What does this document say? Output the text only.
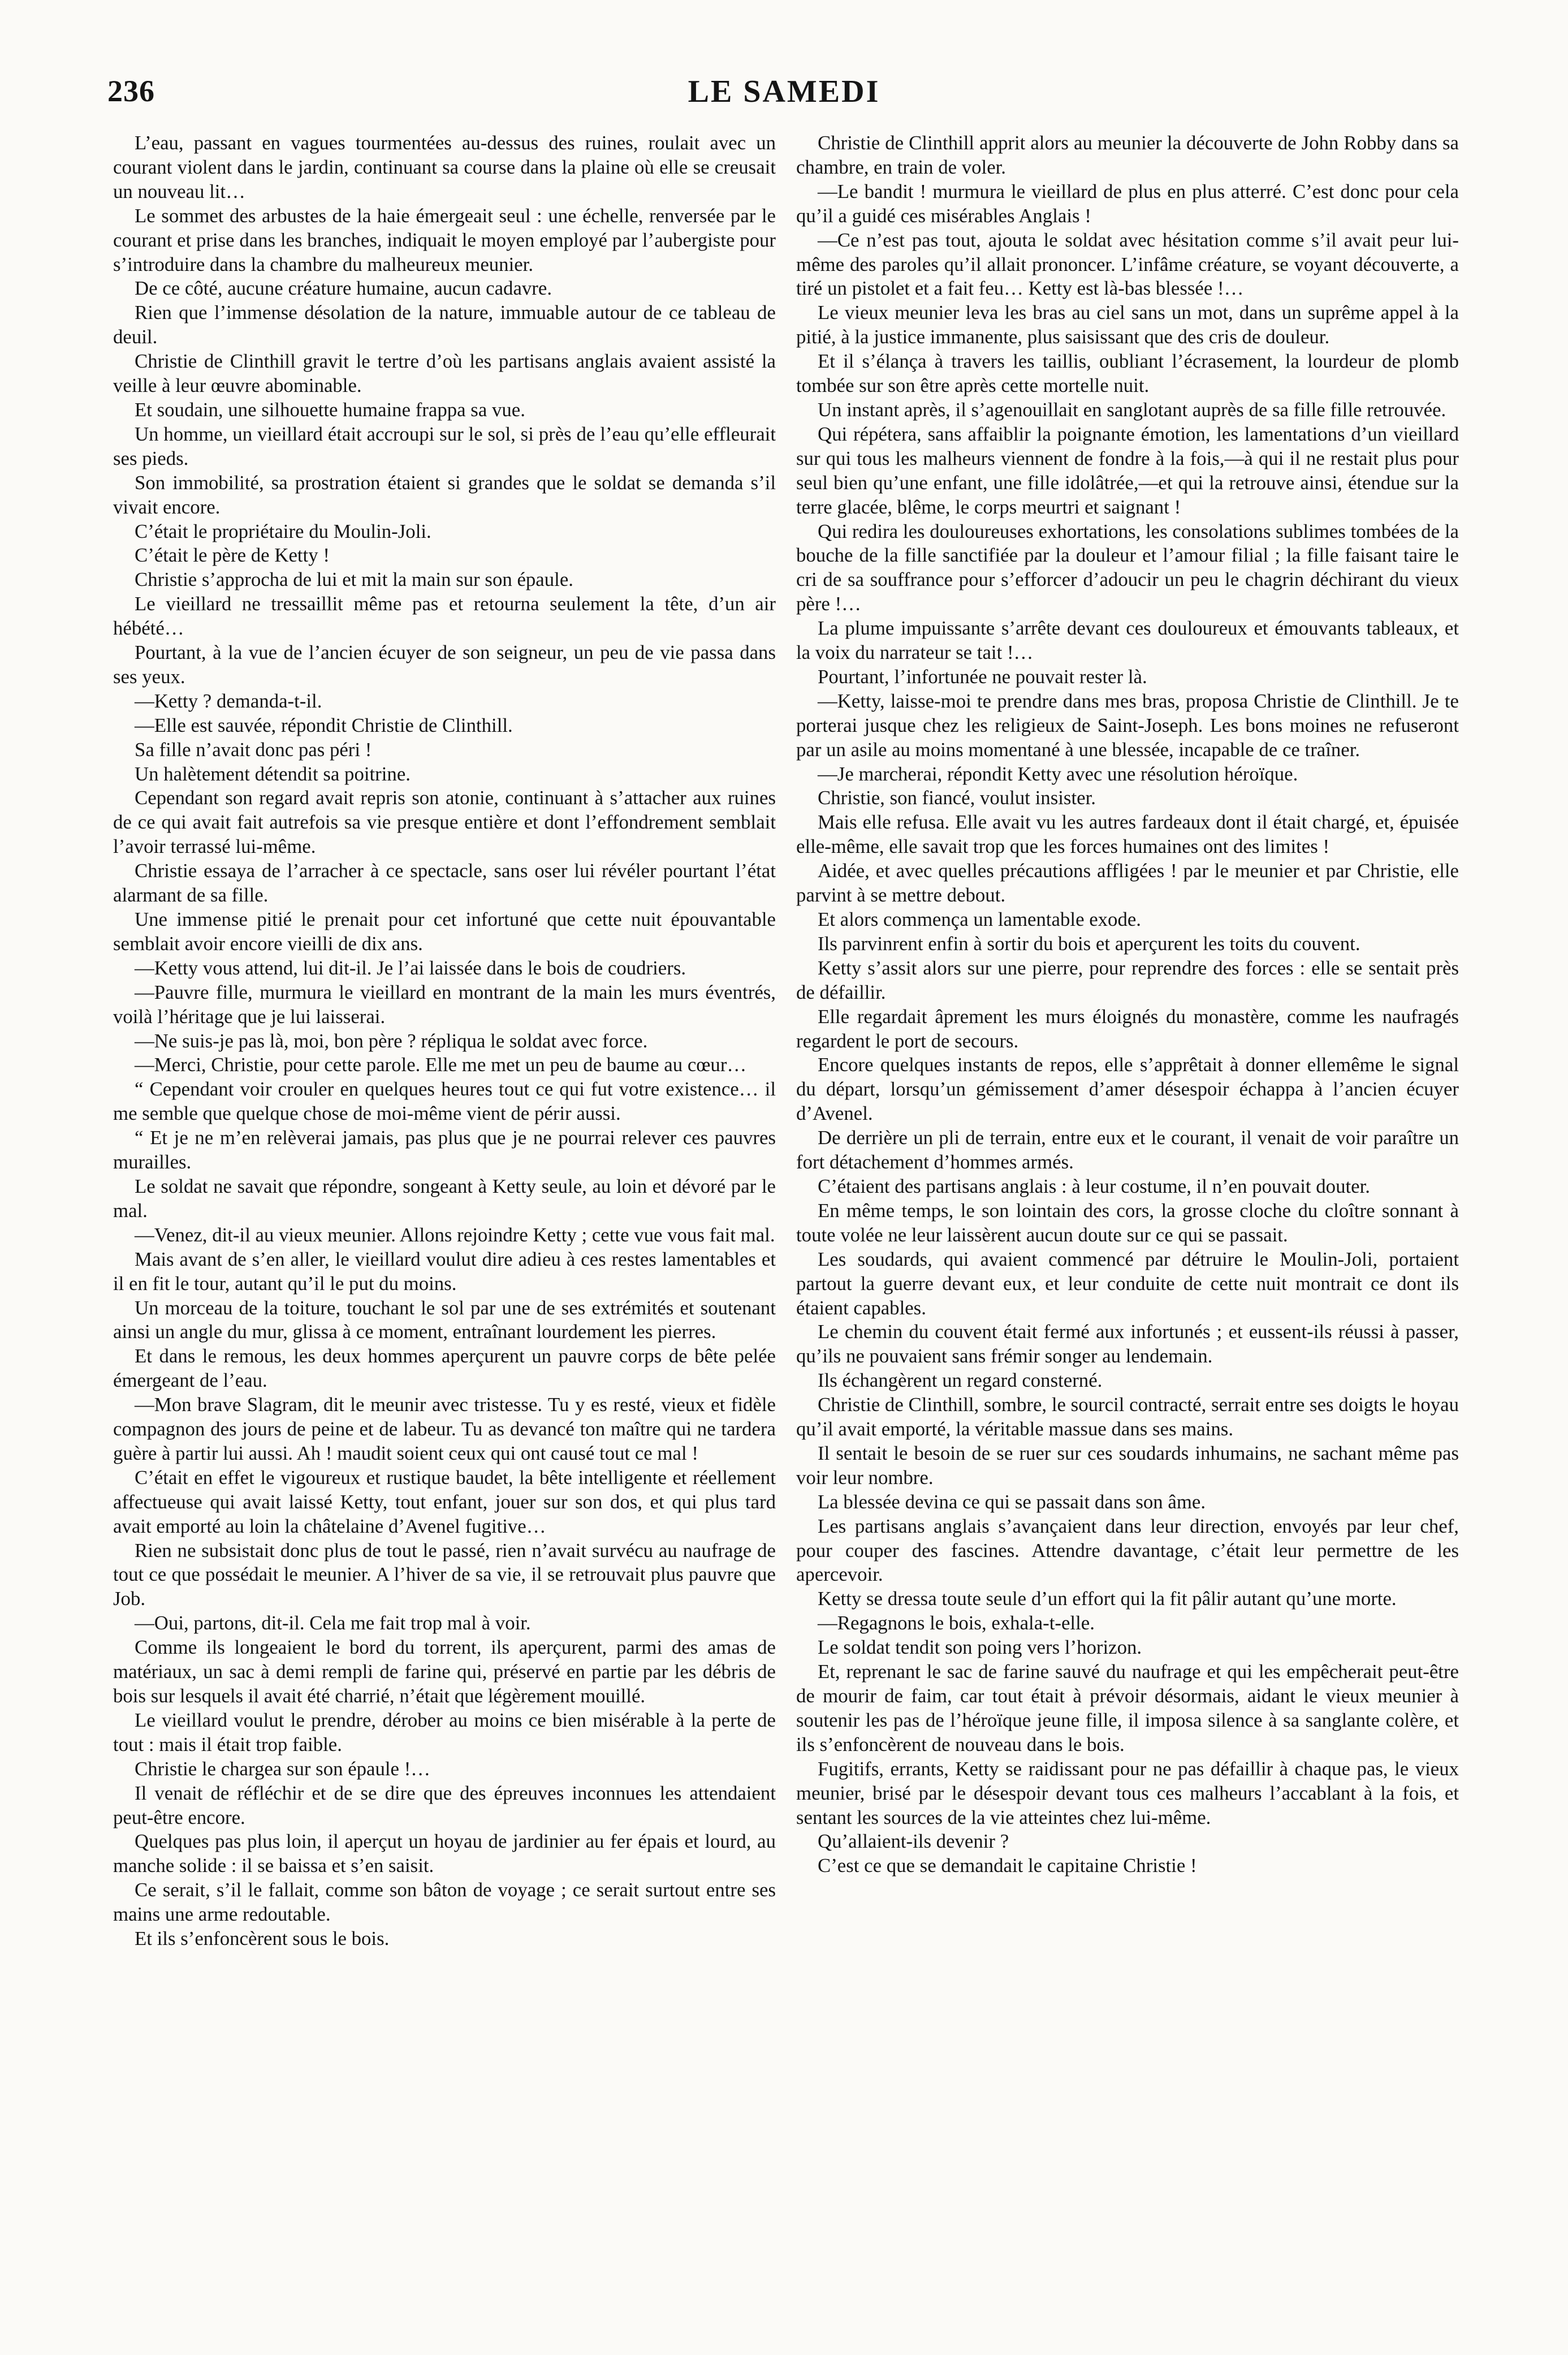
236	LE SAMEDI

L’eau, passant en vagues tourmentées au-dessus des ruines, roulait avec un courant violent dans le jardin, continuant sa course dans la plaine où elle se creusait un nouveau lit…

Le sommet des arbustes de la haie émergeait seul : une échelle, renversée par le courant et prise dans les branches, indiquait le moyen employé par l’aubergiste pour s’introduire dans la chambre du malheureux meunier.

De ce côté, aucune créature humaine, aucun cadavre.

Rien que l’immense désolation de la nature, immuable autour de ce tableau de deuil.

Christie de Clinthill gravit le tertre d’où les partisans anglais avaient assisté la veille à leur œuvre abominable.

Et soudain, une silhouette humaine frappa sa vue.

Un homme, un vieillard était accroupi sur le sol, si près de l’eau qu’elle effleurait ses pieds.

Son immobilité, sa prostration étaient si grandes que le soldat se demanda s’il vivait encore.

C’était le propriétaire du Moulin-Joli.

C’était le père de Ketty !

Christie s’approcha de lui et mit la main sur son épaule.

Le vieillard ne tressaillit même pas et retourna seulement la tête, d’un air hébété…

Pourtant, à la vue de l’ancien écuyer de son seigneur, un peu de vie passa dans ses yeux.

—Ketty ? demanda-t-il.

—Elle est sauvée, répondit Christie de Clinthill.

Sa fille n’avait donc pas péri !

Un halètement détendit sa poitrine.

Cependant son regard avait repris son atonie, continuant à s’attacher aux ruines de ce qui avait fait autrefois sa vie presque entière et dont l’effondrement semblait l’avoir terrassé lui-même.

Christie essaya de l’arracher à ce spectacle, sans oser lui révéler pourtant l’état alarmant de sa fille.

Une immense pitié le prenait pour cet infortuné que cette nuit épouvantable semblait avoir encore vieilli de dix ans.

—Ketty vous attend, lui dit-il. Je l’ai laissée dans le bois de coudriers.

—Pauvre fille, murmura le vieillard en montrant de la main les murs éventrés, voilà l’héritage que je lui laisserai.

—Ne suis-je pas là, moi, bon père ? répliqua le soldat avec force.

—Merci, Christie, pour cette parole. Elle me met un peu de baume au cœur…

“ Cependant voir crouler en quelques heures tout ce qui fut votre existence… il me semble que quelque chose de moi-même vient de périr aussi.

“ Et je ne m’en relèverai jamais, pas plus que je ne pourrai relever ces pauvres murailles.

Le soldat ne savait que répondre, songeant à Ketty seule, au loin et dévoré par le mal.

—Venez, dit-il au vieux meunier. Allons rejoindre Ketty ; cette vue vous fait mal.

Mais avant de s’en aller, le vieillard voulut dire adieu à ces restes lamentables et il en fit le tour, autant qu’il le put du moins.

Un morceau de la toiture, touchant le sol par une de ses extrémités et soutenant ainsi un angle du mur, glissa à ce moment, entraînant lourdement les pierres.

Et dans le remous, les deux hommes aperçurent un pauvre corps de bête pelée émergeant de l’eau.

—Mon brave Slagram, dit le meunir avec tristesse. Tu y es resté, vieux et fidèle compagnon des jours de peine et de labeur. Tu as devancé ton maître qui ne tardera guère à partir lui aussi. Ah ! maudit soient ceux qui ont causé tout ce mal !

C’était en effet le vigoureux et rustique baudet, la bête intelligente et réellement affectueuse qui avait laissé Ketty, tout enfant, jouer sur son dos, et qui plus tard avait emporté au loin la châtelaine d’Avenel fugitive…

Rien ne subsistait donc plus de tout le passé, rien n’avait survécu au naufrage de tout ce que possédait le meunier. A l’hiver de sa vie, il se retrouvait plus pauvre que Job.

—Oui, partons, dit-il. Cela me fait trop mal à voir.

Comme ils longeaient le bord du torrent, ils aperçurent, parmi des amas de matériaux, un sac à demi rempli de farine qui, préservé en partie par les débris de bois sur lesquels il avait été charrié, n’était que légèrement mouillé.

Le vieillard voulut le prendre, dérober au moins ce bien misérable à la perte de tout : mais il était trop faible.

Christie le chargea sur son épaule !…

Il venait de réfléchir et de se dire que des épreuves inconnues les attendaient peut-être encore.

Quelques pas plus loin, il aperçut un hoyau de jardinier au fer épais et lourd, au manche solide : il se baissa et s’en saisit.

Ce serait, s’il le fallait, comme son bâton de voyage ; ce serait surtout entre ses mains une arme redoutable.

Et ils s’enfoncèrent sous le bois.

Christie de Clinthill apprit alors au meunier la découverte de John Robby dans sa chambre, en train de voler.

—Le bandit ! murmura le vieillard de plus en plus atterré. C’est donc pour cela qu’il a guidé ces misérables Anglais !

—Ce n’est pas tout, ajouta le soldat avec hésitation comme s’il avait peur lui-même des paroles qu’il allait prononcer. L’infâme créature, se voyant découverte, a tiré un pistolet et a fait feu… Ketty est là-bas blessée !…

Le vieux meunier leva les bras au ciel sans un mot, dans un suprême appel à la pitié, à la justice immanente, plus saisissant que des cris de douleur.

Et il s’élança à travers les taillis, oubliant l’écrasement, la lourdeur de plomb tombée sur son être après cette mortelle nuit.

Un instant après, il s’agenouillait en sanglotant auprès de sa fille fille retrouvée.

Qui répétera, sans affaiblir la poignante émotion, les lamentations d’un vieillard sur qui tous les malheurs viennent de fondre à la fois,—à qui il ne restait plus pour seul bien qu’une enfant, une fille idolâtrée,—et qui la retrouve ainsi, étendue sur la terre glacée, blême, le corps meurtri et saignant !

Qui redira les douloureuses exhortations, les consolations sublimes tombées de la bouche de la fille sanctifiée par la douleur et l’amour filial ; la fille faisant taire le cri de sa souffrance pour s’efforcer d’adoucir un peu le chagrin déchirant du vieux père !…

La plume impuissante s’arrête devant ces douloureux et émouvants tableaux, et la voix du narrateur se tait !…

Pourtant, l’infortunée ne pouvait rester là.

—Ketty, laisse-moi te prendre dans mes bras, proposa Christie de Clinthill. Je te porterai jusque chez les religieux de Saint-Joseph. Les bons moines ne refuseront par un asile au moins momentané à une blessée, incapable de ce traîner.

—Je marcherai, répondit Ketty avec une résolution héroïque.

Christie, son fiancé, voulut insister.

Mais elle refusa. Elle avait vu les autres fardeaux dont il était chargé, et, épuisée elle-même, elle savait trop que les forces humaines ont des limites !

Aidée, et avec quelles précautions affligées ! par le meunier et par Christie, elle parvint à se mettre debout.

Et alors commença un lamentable exode.

Ils parvinrent enfin à sortir du bois et aperçurent les toits du couvent.

Ketty s’assit alors sur une pierre, pour reprendre des forces : elle se sentait près de défaillir.

Elle regardait âprement les murs éloignés du monastère, comme les naufragés regardent le port de secours.

Encore quelques instants de repos, elle s’apprêtait à donner ellemême le signal du départ, lorsqu’un gémissement d’amer désespoir échappa à l’ancien écuyer d’Avenel.

De derrière un pli de terrain, entre eux et le courant, il venait de voir paraître un fort détachement d’hommes armés.

C’étaient des partisans anglais : à leur costume, il n’en pouvait douter.

En même temps, le son lointain des cors, la grosse cloche du cloître sonnant à toute volée ne leur laissèrent aucun doute sur ce qui se passait.

Les soudards, qui avaient commencé par détruire le Moulin-Joli, portaient partout la guerre devant eux, et leur conduite de cette nuit montrait ce dont ils étaient capables.

Le chemin du couvent était fermé aux infortunés ; et eussent-ils réussi à passer, qu’ils ne pouvaient sans frémir songer au lendemain.

Ils échangèrent un regard consterné.

Christie de Clinthill, sombre, le sourcil contracté, serrait entre ses doigts le hoyau qu’il avait emporté, la véritable massue dans ses mains.

Il sentait le besoin de se ruer sur ces soudards inhumains, ne sachant même pas voir leur nombre.

La blessée devina ce qui se passait dans son âme.

Les partisans anglais s’avançaient dans leur direction, envoyés par leur chef, pour couper des fascines. Attendre davantage, c’était leur permettre de les apercevoir.

Ketty se dressa toute seule d’un effort qui la fit pâlir autant qu’une morte.

—Regagnons le bois, exhala-t-elle.

Le soldat tendit son poing vers l’horizon.

Et, reprenant le sac de farine sauvé du naufrage et qui les empêcherait peut-être de mourir de faim, car tout était à prévoir désormais, aidant le vieux meunier à soutenir les pas de l’héroïque jeune fille, il imposa silence à sa sanglante colère, et ils s’enfoncèrent de nouveau dans le bois.

Fugitifs, errants, Ketty se raidissant pour ne pas défaillir à chaque pas, le vieux meunier, brisé par le désespoir devant tous ces malheurs l’accablant à la fois, et sentant les sources de la vie atteintes chez lui-même.

Qu’allaient-ils devenir ?

C’est ce que se demandait le capitaine Christie !
